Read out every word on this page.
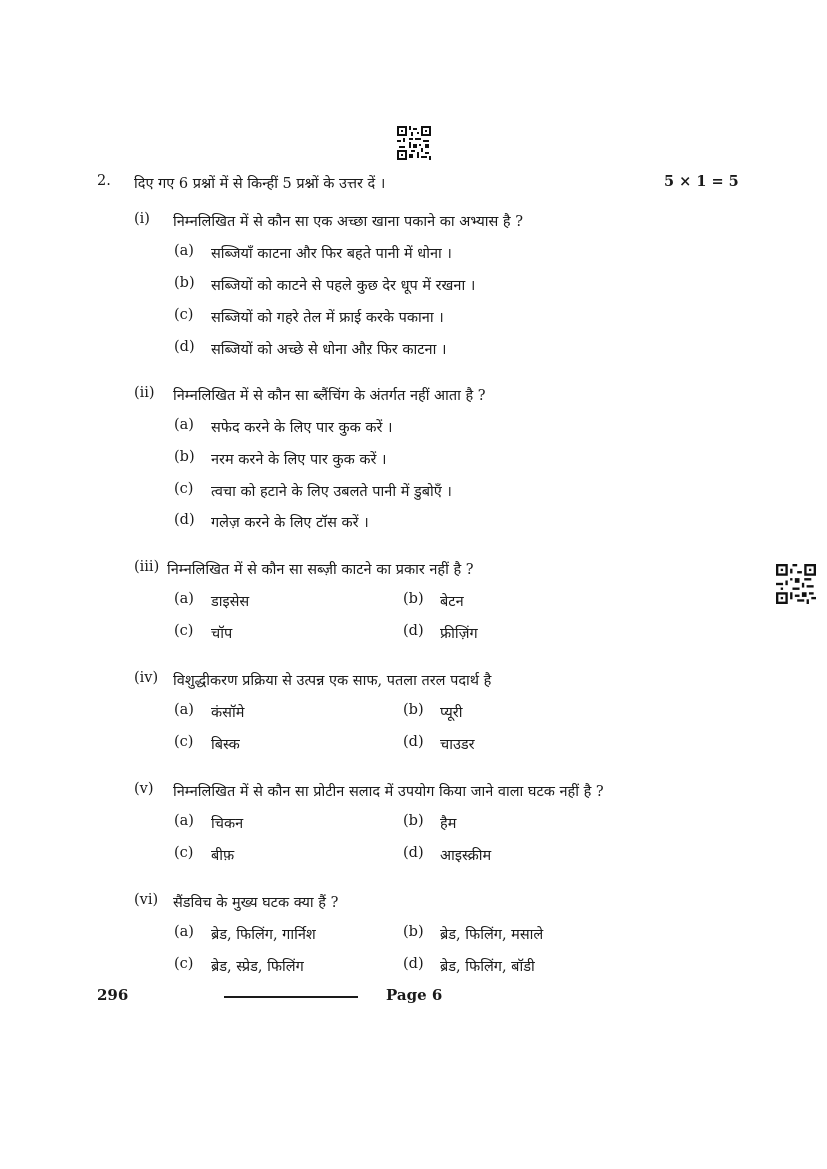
2. दिए गए 6 प्रश्नों में से किन्हीं 5 प्रश्नों के उत्तर दें ।	5 × 1 = 5
(i) निम्नलिखित में से कौन सा एक अच्छा खाना पकाने का अभ्यास है ?
(a) सब्जियाँ काटना और फिर बहते पानी में धोना ।
(b) सब्जियों को काटने से पहले कुछ देर धूप में रखना ।
(c) सब्जियों को गहरे तेल में फ्राई करके पकाना ।
(d) सब्जियों को अच्छे से धोना औऱ फिर काटना ।
(ii) निम्नलिखित में से कौन सा ब्लैंचिंग के अंतर्गत नहीं आता है ?
(a) सफेद करने के लिए पार कुक करें ।
(b) नरम करने के लिए पार कुक करें ।
(c) त्वचा को हटाने के लिए उबलते पानी में डुबोएँ ।
(d) गलेज़ करने के लिए टॉस करें ।
(iii) निम्नलिखित में से कौन सा सब्ज़ी काटने का प्रकार नहीं है ?
(a) डाइसेस	(b) बेटन
(c) चॉप	(d) फ्रीज़िंग
(iv) विशुद्धीकरण प्रक्रिया से उत्पन्न एक साफ, पतला तरल पदार्थ है
(a) कंसॉमे	(b) प्यूरी
(c) बिस्क	(d) चाउडर
(v) निम्नलिखित में से कौन सा प्रोटीन सलाद में उपयोग किया जाने वाला घटक नहीं है ?
(a) चिकन	(b) हैम
(c) बीफ़	(d) आइस्क्रीम
(vi) सैंडविच के मुख्य घटक क्या हैं ?
(a) ब्रेड, फिलिंग, गार्निश	(b) ब्रेड, फिलिंग, मसाले
(c) ब्रेड, स्प्रेड, फिलिंग	(d) ब्रेड, फिलिंग, बॉडी
296	Page 6
